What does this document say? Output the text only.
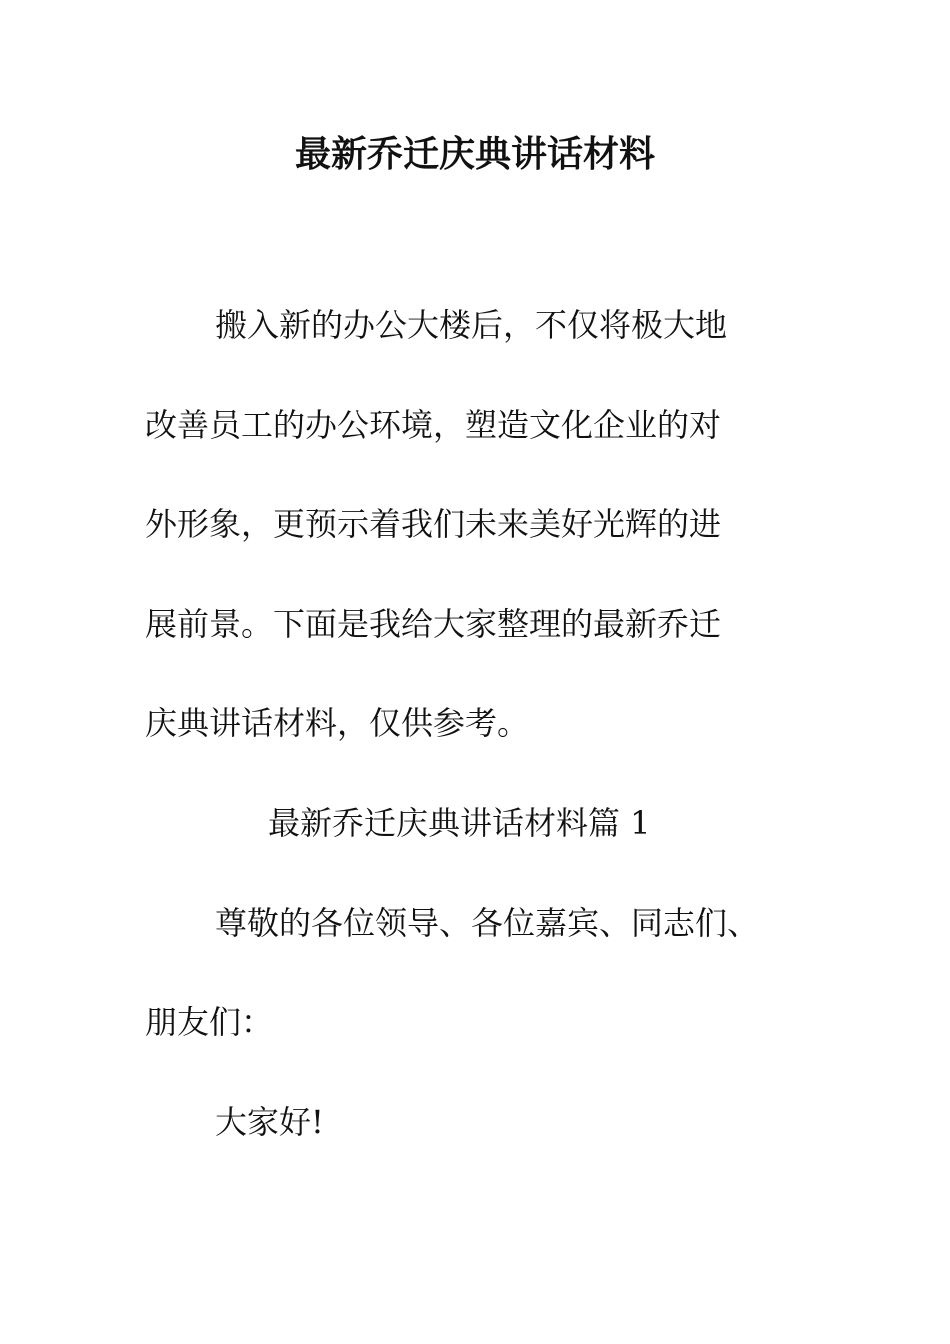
最新乔迁庆典讲话材料

搬入新的办公大楼后，不仅将极大地

改善员工的办公环境，塑造文化企业的对

外形象，更预示着我们未来美好光辉的进

展前景。下面是我给大家整理的最新乔迁

庆典讲话材料，仅供参考。

最新乔迁庆典讲话材料篇 1

尊敬的各位领导、各位嘉宾、同志们、

朋友们：

大家好!
